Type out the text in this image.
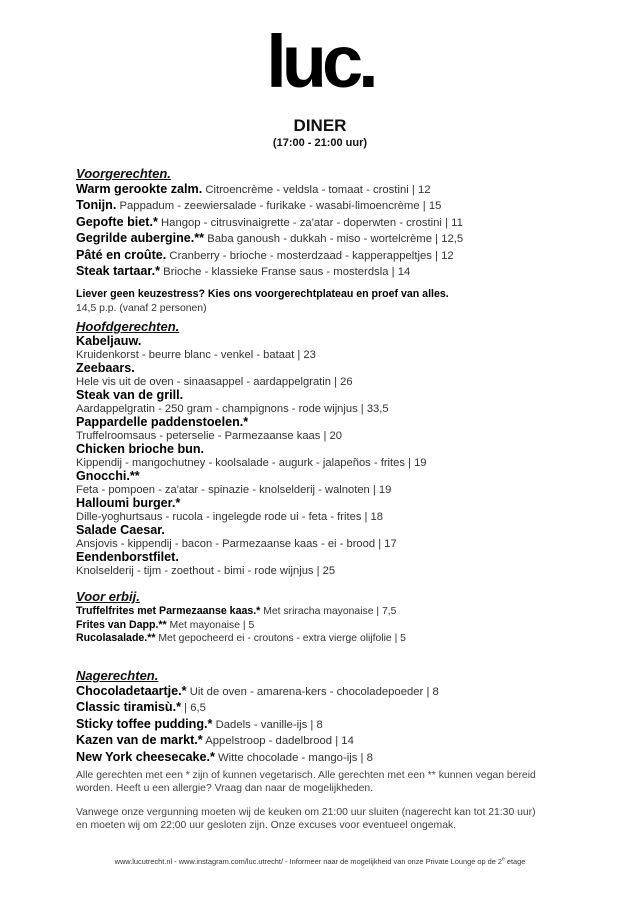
luc.
DINER
(17:00 - 21:00 uur)
Voorgerechten.
Warm gerookte zalm. Citroencrème - veldsla - tomaat - crostini | 12
Tonijn. Pappadum - zeewiersalade - furikake - wasabi-limoencrème | 15
Gepofte biet.* Hangop - citrusvinaigrette - za'atar - doperwten - crostini | 11
Gegrilde aubergine.** Baba ganoush - dukkah - miso - wortelcrème | 12,5
Pâté en croûte. Cranberry - brioche - mosterdzaad - kapperappeltjes | 12
Steak tartaar.* Brioche - klassieke Franse saus - mosterdsla | 14
Liever geen keuzestress? Kies ons voorgerechtplateau en proef van alles.
14,5 p.p. (vanaf 2 personen)
Hoofdgerechten.
Kabeljauw.
Kruidenkorst - beurre blanc - venkel - bataat | 23
Zeebaars.
Hele vis uit de oven - sinaasappel - aardappelgratin | 26
Steak van de grill.
Aardappelgratin - 250 gram - champignons - rode wijnjus | 33,5
Pappardelle paddenstoelen.*
Truffelroomsaus - peterselie - Parmezaanse kaas | 20
Chicken brioche bun.
Kippendij - mangochutney - koolsalade - augurk - jalapeños - frites | 19
Gnocchi.**
Feta - pompoen - za'atar - spinazie - knolselderij - walnoten | 19
Halloumi burger.*
Dille-yoghurtsaus - rucola - ingelegde rode ui - feta - frites | 18
Salade Caesar.
Ansjovis - kippendij - bacon - Parmezaanse kaas - ei - brood | 17
Eendenborstfilet.
Knolselderij - tijm - zoethout - bimi - rode wijnjus | 25
Voor erbij.
Truffelfrites met Parmezaanse kaas.* Met sriracha mayonaise | 7,5
Frites van Dapp.** Met mayonaise | 5
Rucolasalade.** Met gepocheerd ei - croutons - extra vierge olijfolie | 5
Nagerechten.
Chocoladetaartje.* Uit de oven - amarena-kers - chocoladepoeder | 8
Classic tiramisù.* | 6,5
Sticky toffee pudding.* Dadels - vanille-ijs | 8
Kazen van de markt.* Appelstroop - dadelbrood | 14
New York cheesecake.* Witte chocolade - mango-ijs | 8
Alle gerechten met een * zijn of kunnen vegetarisch. Alle gerechten met een ** kunnen vegan bereid worden. Heeft u een allergie? Vraag dan naar de mogelijkheden.
Vanwege onze vergunning moeten wij de keuken om 21:00 uur sluiten (nagerecht kan tot 21:30 uur) en moeten wij om 22:00 uur gesloten zijn. Onze excuses voor eventueel ongemak.
www.lucutrecht.nl - www.instagram.com/luc.utrecht/ - Informeer naar de mogelijkheid van onze Private Lounge op de 2e etage
